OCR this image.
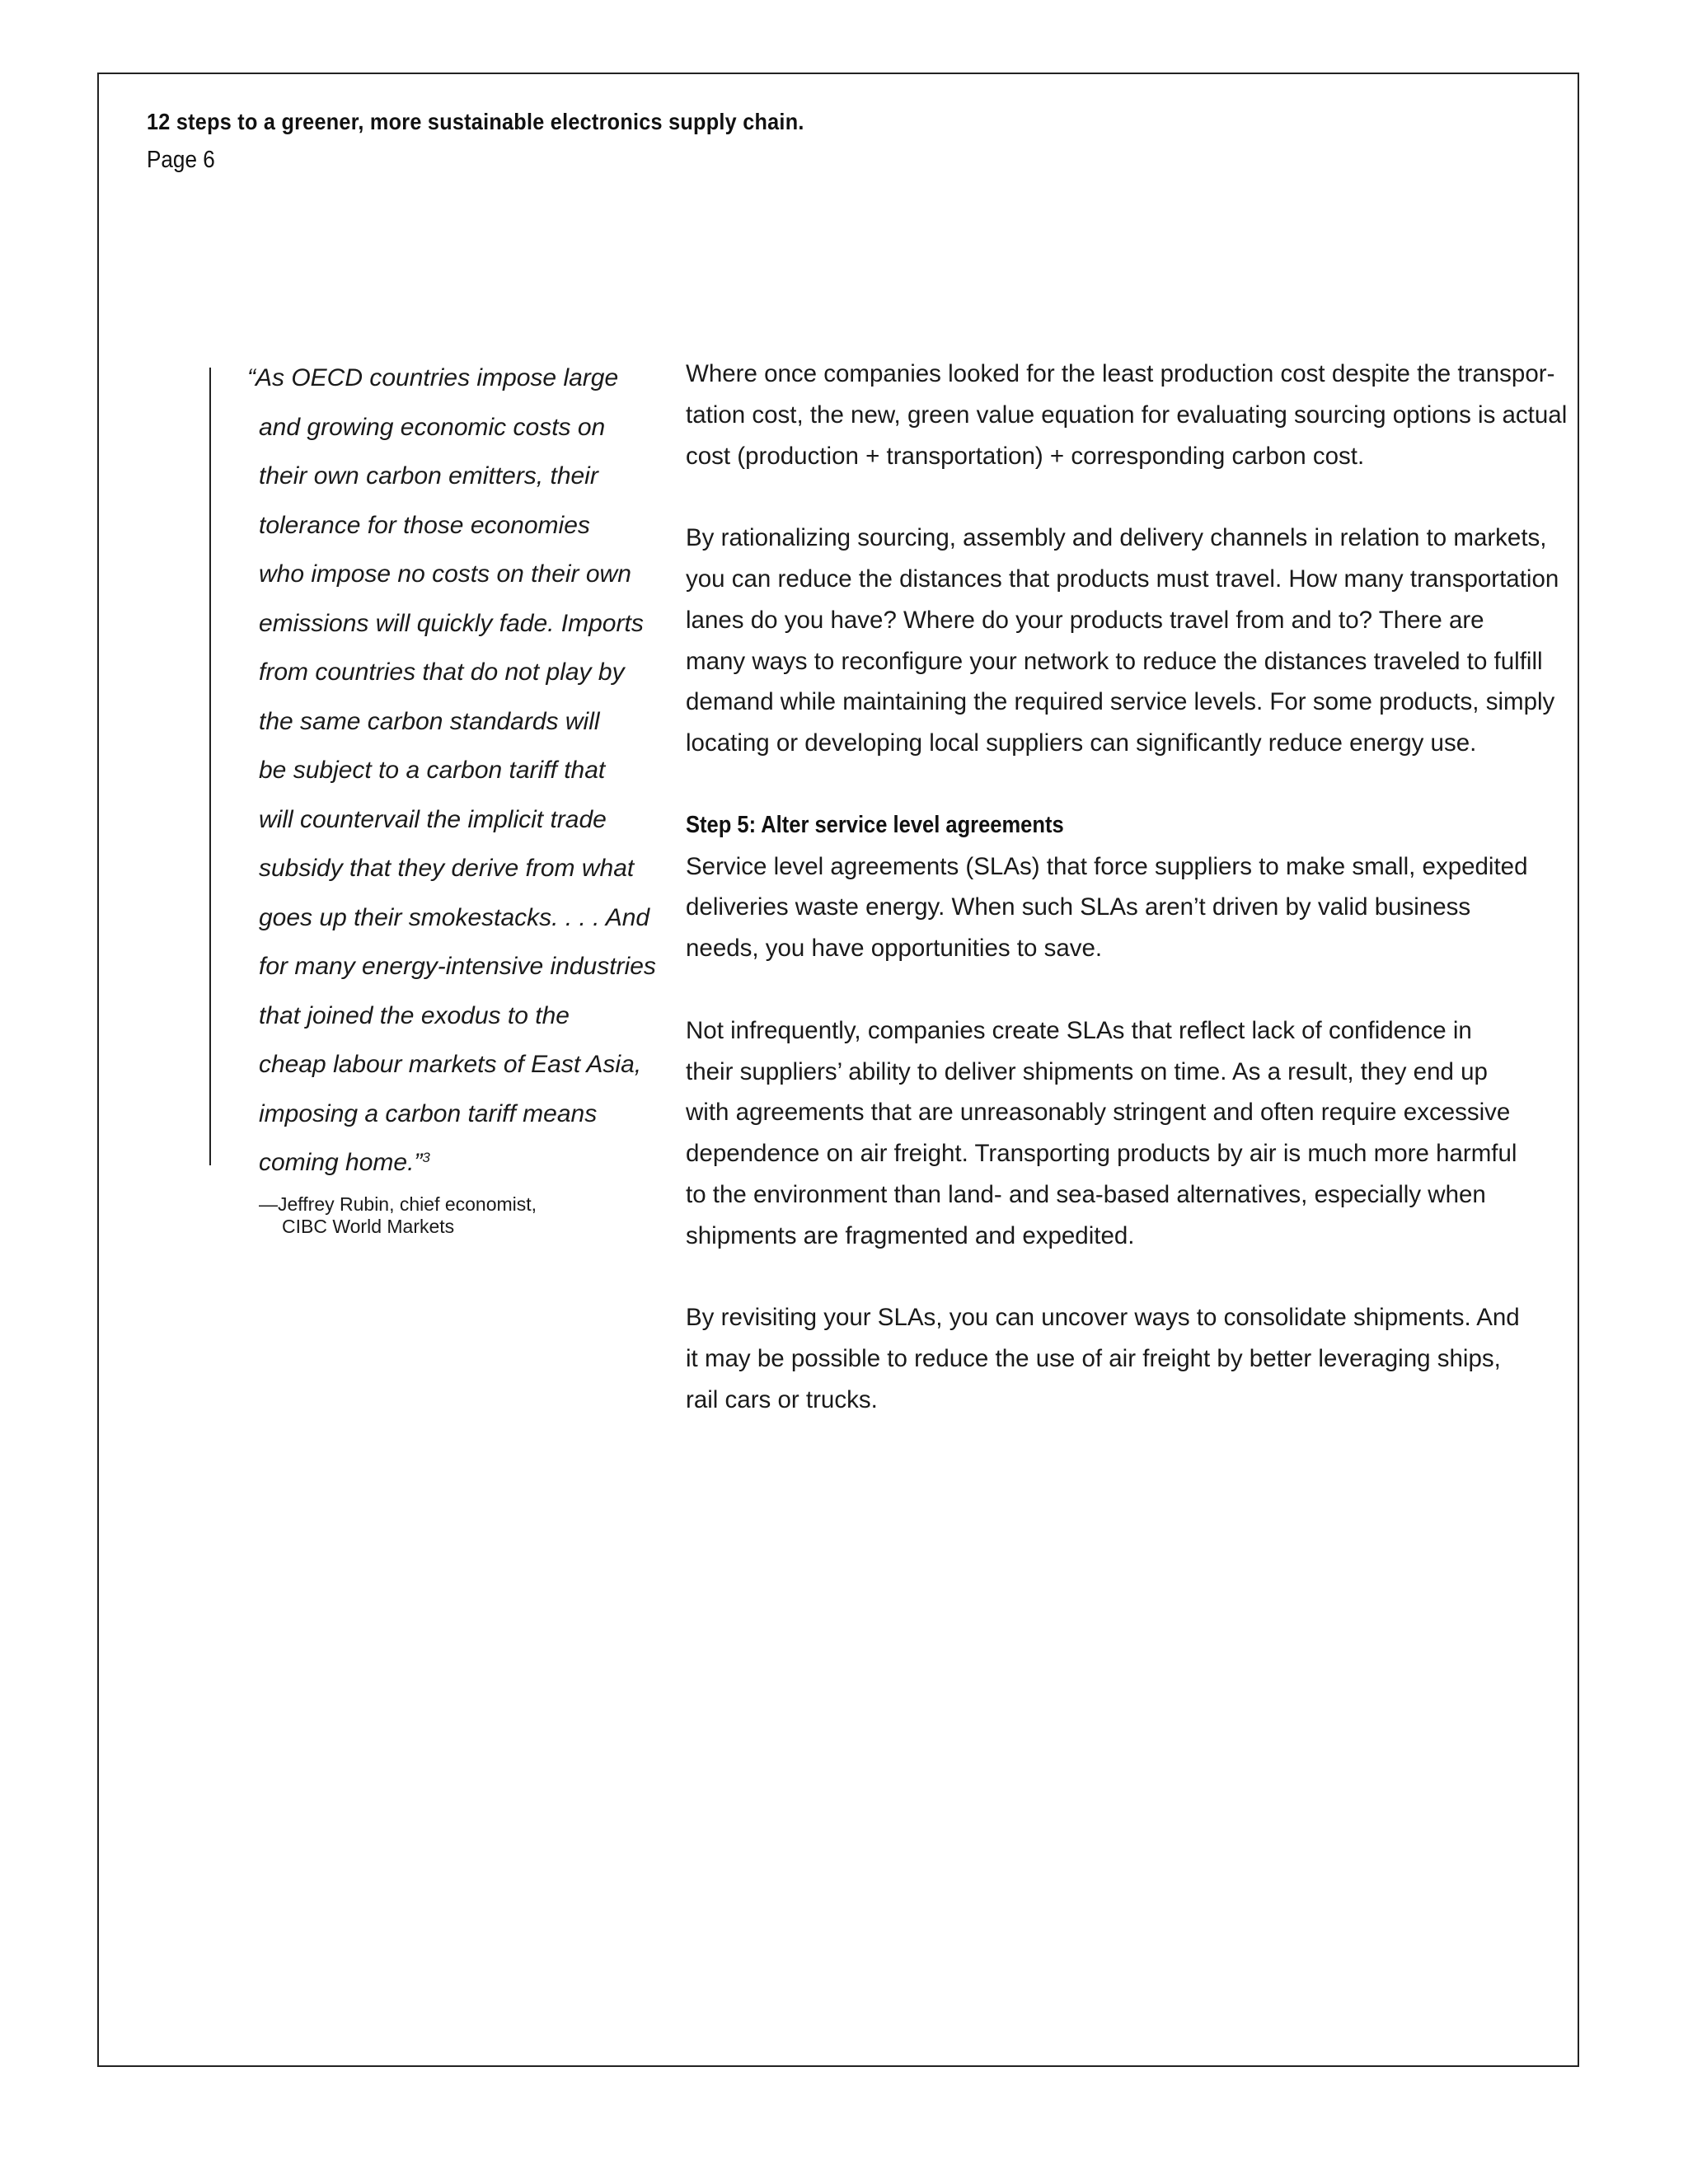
12 steps to a greener, more sustainable electronics supply chain.
Page 6
“As OECD countries impose large
and growing economic costs on
their own carbon emitters, their
tolerance for those economies
who impose no costs on their own
emissions will quickly fade. Imports
from countries that do not play by
the same carbon standards will
be subject to a carbon tariff that
will countervail the implicit trade
subsidy that they derive from what
goes up their smokestacks. . . . And
for many energy-intensive industries
that joined the exodus to the
cheap labour markets of East Asia,
imposing a carbon tariff means
coming home.”$^3$
—Jeffrey Rubin, chief economist,
CIBC World Markets

Where once companies looked for the least production cost despite the transpor-
tation cost, the new, green value equation for evaluating sourcing options is actual
cost (production + transportation) + corresponding carbon cost.

By rationalizing sourcing, assembly and delivery channels in relation to markets,
you can reduce the distances that products must travel. How many transportation
lanes do you have? Where do your products travel from and to? There are
many ways to reconfigure your network to reduce the distances traveled to fulfill
demand while maintaining the required service levels. For some products, simply
locating or developing local suppliers can significantly reduce energy use.

Step 5: Alter service level agreements
Service level agreements (SLAs) that force suppliers to make small, expedited
deliveries waste energy. When such SLAs aren’t driven by valid business
needs, you have opportunities to save.

Not infrequently, companies create SLAs that reflect lack of confidence in
their suppliers’ ability to deliver shipments on time. As a result, they end up
with agreements that are unreasonably stringent and often require excessive
dependence on air freight. Transporting products by air is much more harmful
to the environment than land- and sea-based alternatives, especially when
shipments are fragmented and expedited.

By revisiting your SLAs, you can uncover ways to consolidate shipments. And
it may be possible to reduce the use of air freight by better leveraging ships,
rail cars or trucks.
